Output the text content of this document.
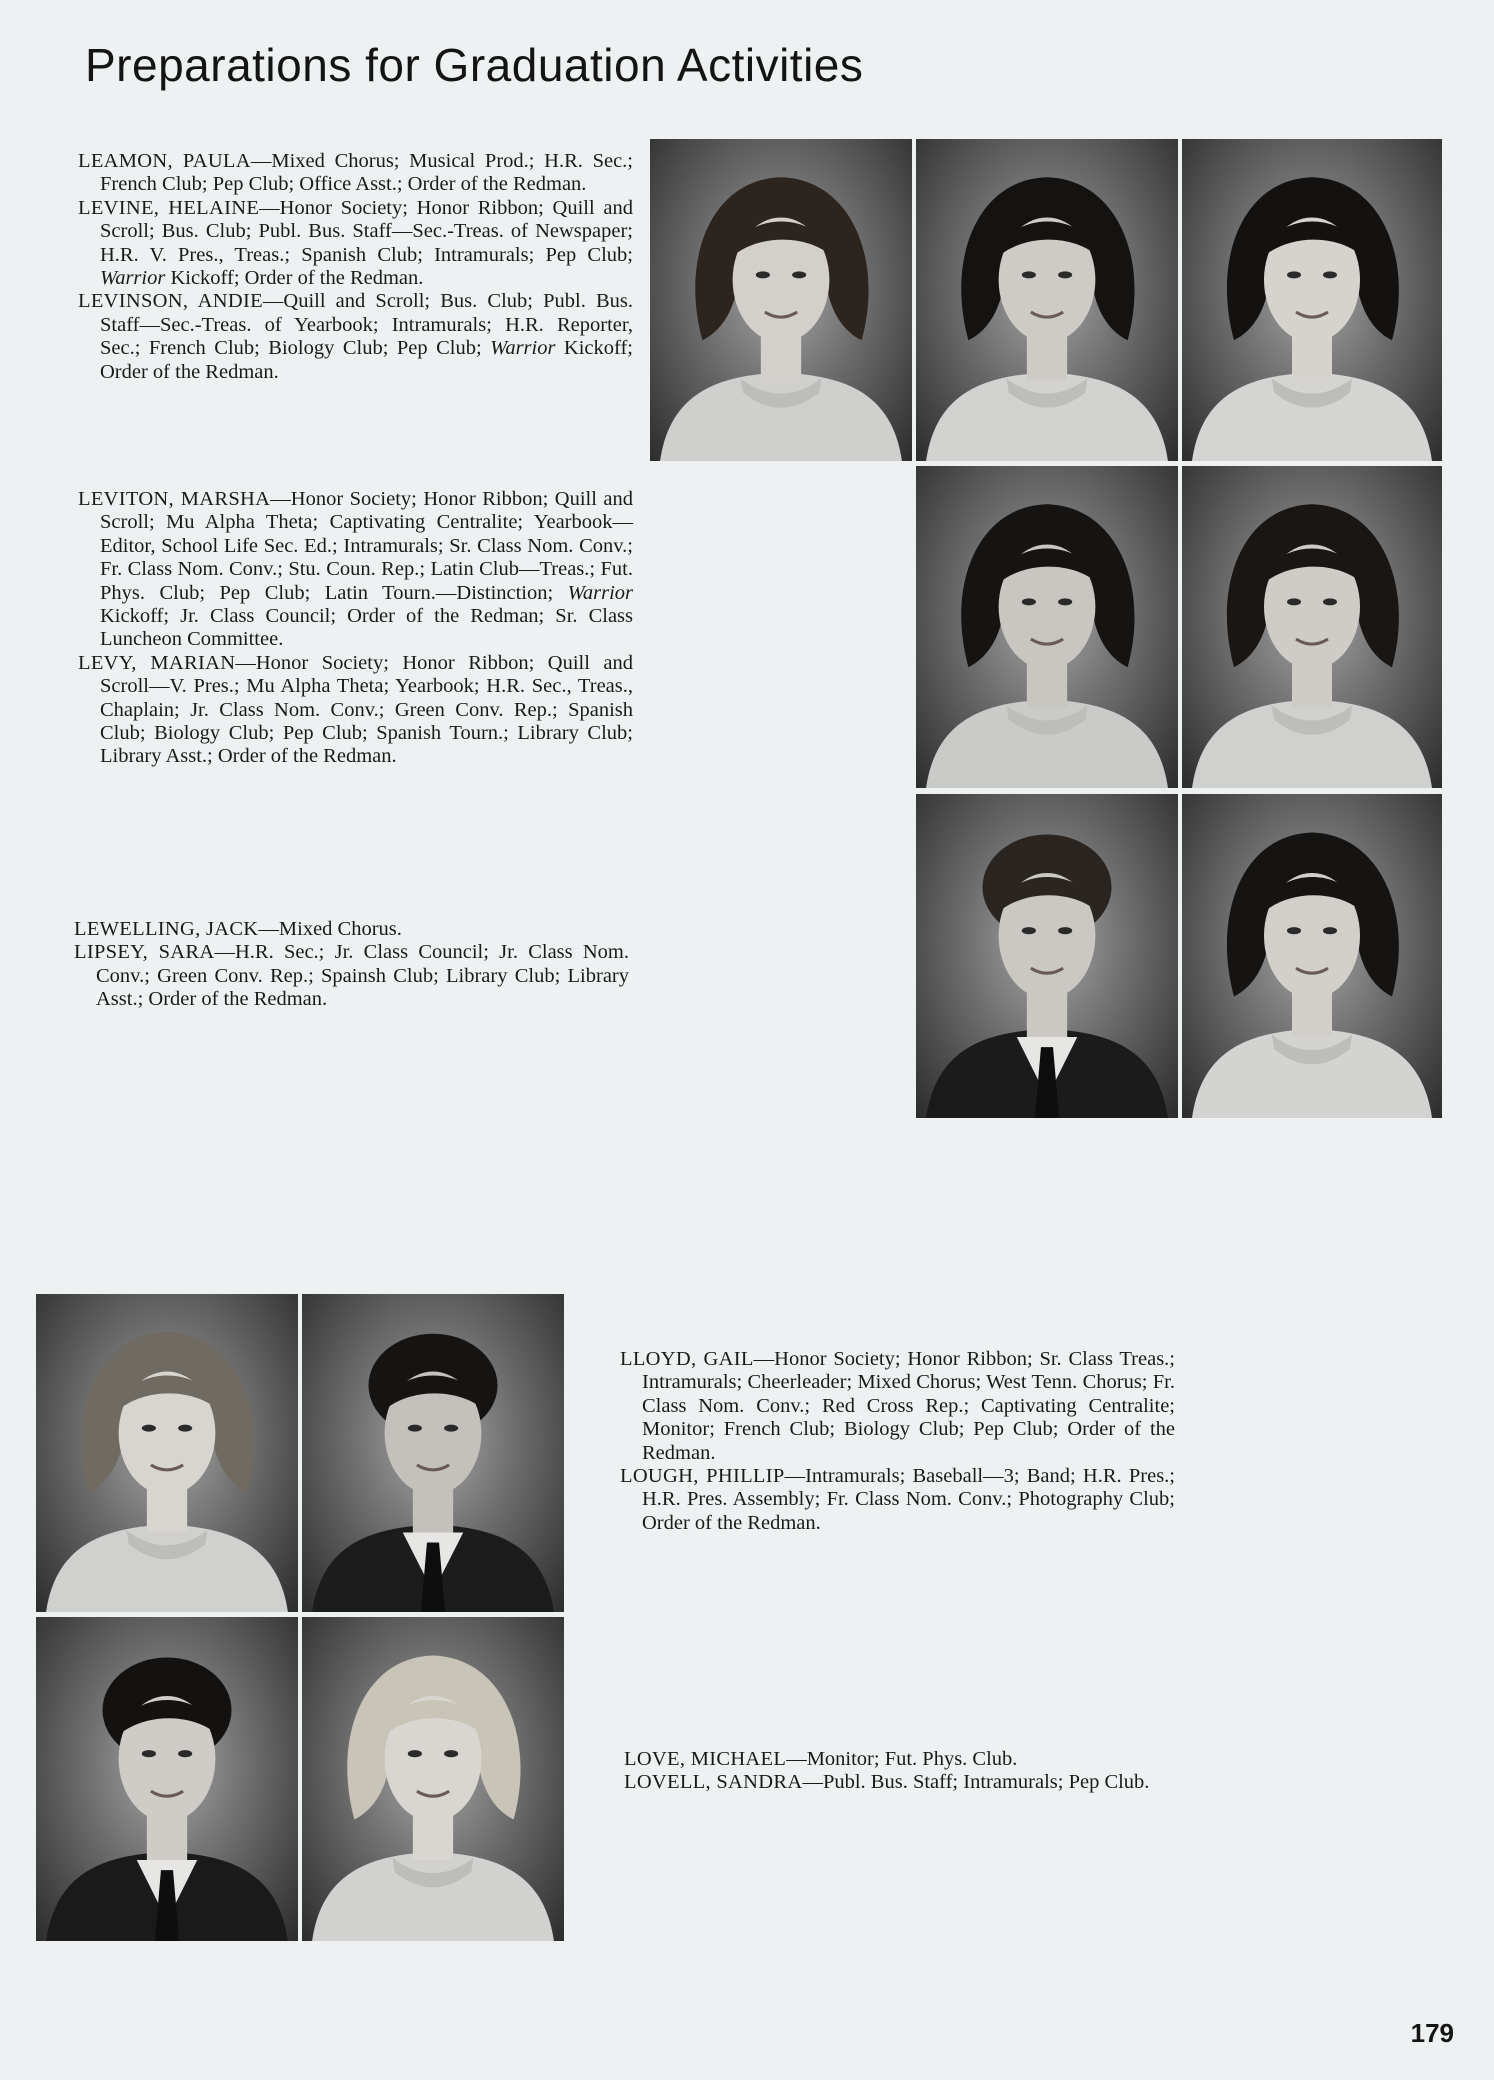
Preparations for Graduation Activities

LEAMON, PAULA—Mixed Chorus; Musical Prod.; H.R. Sec.; French Club; Pep Club; Office Asst.; Order of the Redman.

LEVINE, HELAINE—Honor Society; Honor Ribbon; Quill and Scroll; Bus. Club; Publ. Bus. Staff—Sec.-Treas. of Newspaper; H.R. V. Pres., Treas.; Spanish Club; Intramurals; Pep Club; Warrior Kickoff; Order of the Redman.

LEVINSON, ANDIE—Quill and Scroll; Bus. Club; Publ. Bus. Staff—Sec.-Treas. of Yearbook; Intramurals; H.R. Reporter, Sec.; French Club; Biology Club; Pep Club; Warrior Kickoff; Order of the Redman.

LEVITON, MARSHA—Honor Society; Honor Ribbon; Quill and Scroll; Mu Alpha Theta; Captivating Centralite; Yearbook—Editor, School Life Sec. Ed.; Intramurals; Sr. Class Nom. Conv.; Fr. Class Nom. Conv.; Stu. Coun. Rep.; Latin Club—Treas.; Fut. Phys. Club; Pep Club; Latin Tourn.—Distinction; Warrior Kickoff; Jr. Class Council; Order of the Redman; Sr. Class Luncheon Committee.

LEVY, MARIAN—Honor Society; Honor Ribbon; Quill and Scroll—V. Pres.; Mu Alpha Theta; Yearbook; H.R. Sec., Treas., Chaplain; Jr. Class Nom. Conv.; Green Conv. Rep.; Spanish Club; Biology Club; Pep Club; Spanish Tourn.; Library Club; Library Asst.; Order of the Redman.

LEWELLING, JACK—Mixed Chorus.

LIPSEY, SARA—H.R. Sec.; Jr. Class Council; Jr. Class Nom. Conv.; Green Conv. Rep.; Spainsh Club; Library Club; Library Asst.; Order of the Redman.

LLOYD, GAIL—Honor Society; Honor Ribbon; Sr. Class Treas.; Intramurals; Cheerleader; Mixed Chorus; West Tenn. Chorus; Fr. Class Nom. Conv.; Red Cross Rep.; Captivating Centralite; Monitor; French Club; Biology Club; Pep Club; Order of the Redman.

LOUGH, PHILLIP—Intramurals; Baseball—3; Band; H.R. Pres.; H.R. Pres. Assembly; Fr. Class Nom. Conv.; Photography Club; Order of the Redman.

LOVE, MICHAEL—Monitor; Fut. Phys. Club.

LOVELL, SANDRA—Publ. Bus. Staff; Intramurals; Pep Club.

179
